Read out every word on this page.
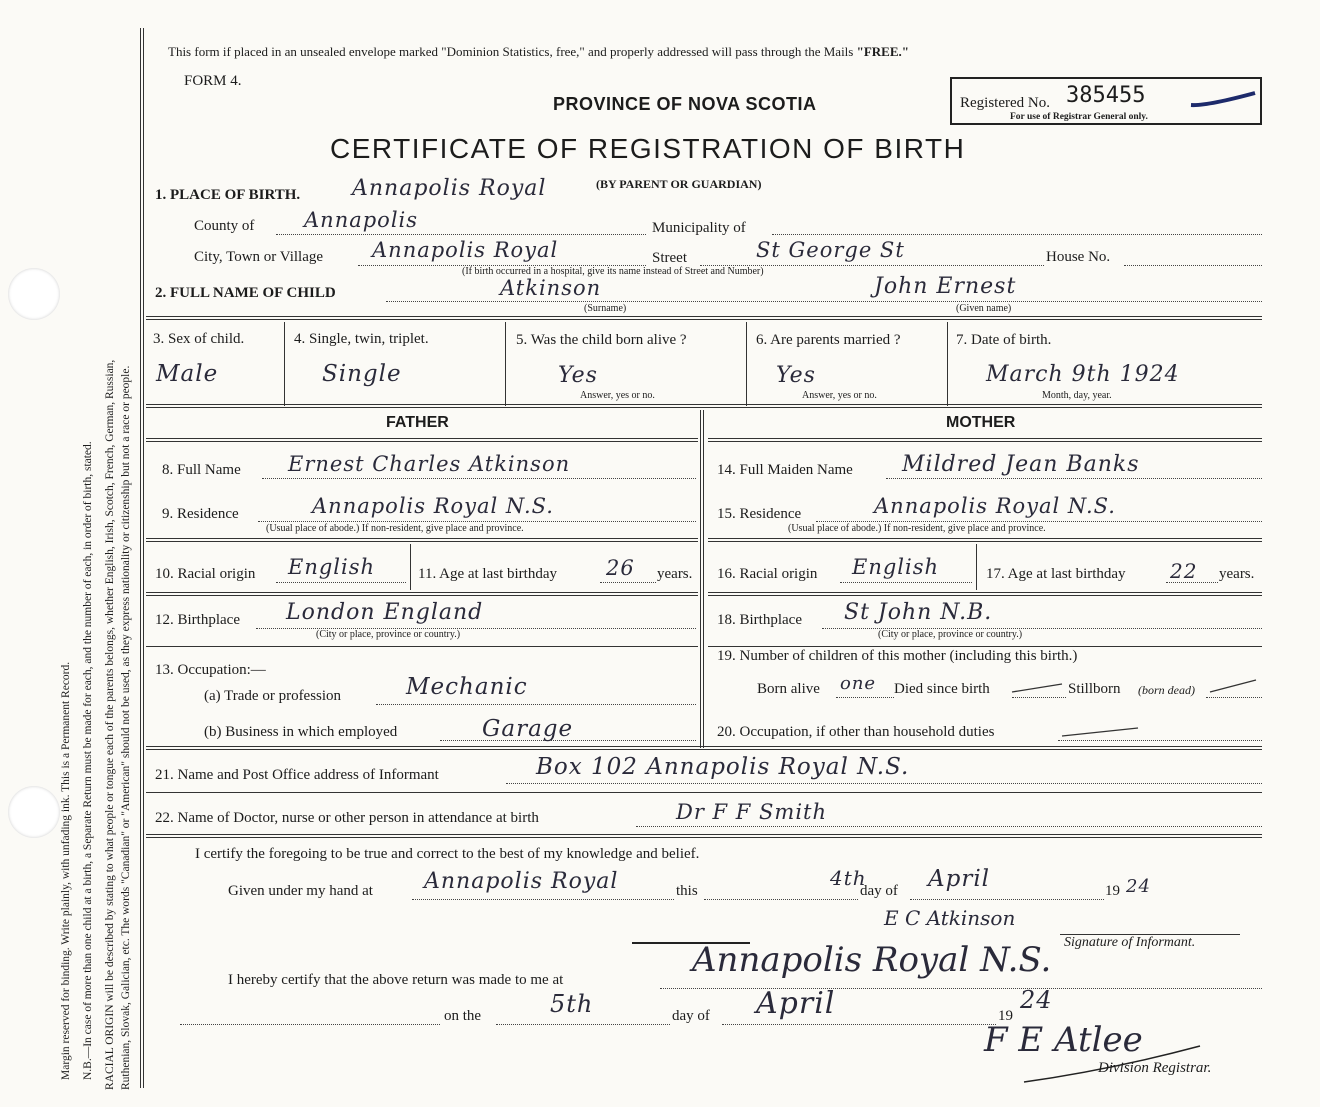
Margin reserved for binding. Write plainly, with unfading ink. This is a Permanent Record. N.B.—In case of more than one child at a birth, a Separate Return must be made for each, and the number of each, in order of birth, stated. RACIAL ORIGIN will be described by stating to what people or tongue each of the parents belongs, whether English, Irish, Scotch, French, German, Russian, Ruthenian, Slovak, Galician, etc. The words "Canadian" or "American" should not be used, as they express nationality or citizenship but not a race or people.
This form if placed in an unsealed envelope marked "Dominion Statistics, free," and properly addressed will pass through the Mails "FREE."
FORM 4.
PROVINCE OF NOVA SCOTIA	Registered No. 385455
For use of Registrar General only.
CERTIFICATE OF REGISTRATION OF BIRTH
1. PLACE OF BIRTH. Annapolis Royal	(BY PARENT OR GUARDIAN)
County of Annapolis	Municipality of
City, Town or Village Annapolis Royal	Street	St George St	House No.
(If birth occurred in a hospital, give its name instead of Street and Number)
2. FULL NAME OF CHILD	Atkinson	John Ernest
(Surname)	(Given name)
3. Sex of child.
Male
4. Single, twin, triplet.
Single
5. Was the child born alive ?
Yes
Answer, yes or no.
6. Are parents married ?
Yes
Answer, yes or no.
7. Date of birth.
March 9th 1924
Month, day, year.
FATHER	MOTHER
8. Full Name Ernest Charles Atkinson
9. Residence	Annapolis Royal N.S.
(Usual place of abode.) If non-resident, give place and province.
10. Racial origin English	11. Age at last birthday 26 years.
12. Birthplace London England
(City or place, province or country.)
13. Occupation:—
(a) Trade or profession	Mechanic
(b) Business in which employed	Garage
14. Full Maiden Name Mildred Jean Banks
15. Residence	Annapolis Royal N.S.
(Usual place of abode.) If non-resident, give place and province.
16. Racial origin English	17. Age at last birthday 22 years.
18. Birthplace St John N.B.
(City or place, province or country.)
19. Number of children of this mother (including this birth.)
Born alive one Died since birth	Stillborn (born dead)
20. Occupation, if other than household duties
21. Name and Post Office address of Informant	Box 102 Annapolis Royal N.S.
22. Name of Doctor, nurse or other person in attendance at birth	Dr F F Smith
I certify the foregoing to be true and correct to the best of my knowledge and belief.
Given under my hand at Annapolis Royal	this
4th
day of April	19 24
E C Atkinson
Signature of Informant.
I hereby certify that the above return was made to me at	Annapolis Royal N.S.
on the	5th	day of April	19
24
F E Atlee
Division Registrar.
